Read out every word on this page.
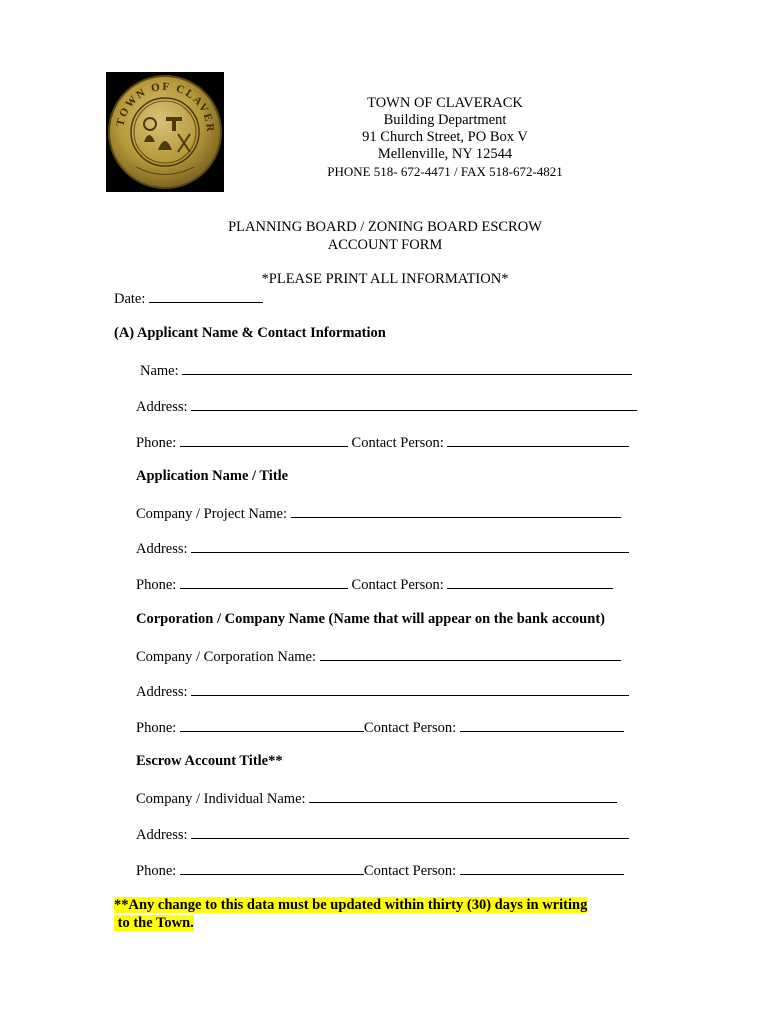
TOWN OF CLAVER
TOWN OF CLAVERACK
Building Department
91 Church Street, PO Box V
Mellenville, NY 12544
PHONE 518- 672-4471 / FAX 518-672-4821
PLANNING BOARD / ZONING BOARD ESCROW
ACCOUNT FORM
*PLEASE PRINT ALL INFORMATION*
Date:
(A) Applicant Name & Contact Information
Name:
Address:
Phone:	Contact Person:
Application Name / Title
Company / Project Name:
Address:
Phone:	Contact Person:
Corporation / Company Name (Name that will appear on the bank account)
Company / Corporation Name:
Address:
Phone:	Contact Person:
Escrow Account Title**
Company / Individual Name:
Address:
Phone:	Contact Person:
**Any change to this data must be updated within thirty (30) days in writing
to the Town.
